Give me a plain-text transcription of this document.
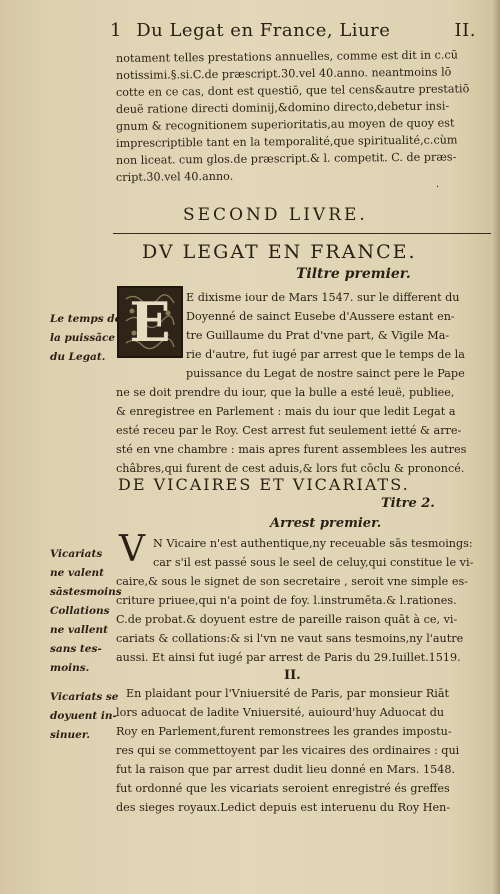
1 Du Legat en France, Liure	II.
notament telles prestations annuelles, comme est dit in c.cū
notissimi.§.si.C.de præscript.30.vel 40.anno. neantmoins lō
cotte en ce cas, dont est questiō, que tel cens&autre prestatiō
deuë ratione directi dominij,&domino directo,debetur insi-
gnum & recognitionem superioritatis,au moyen de quoy est
imprescriptible tant en la temporalité,que spiritualité,c.cùm
non liceat. cum glos.de præscript.& l. competit. C. de præs-
cript.30.vel 40.anno.
·
SECOND LIVRE.
DV LEGAT EN FRANCE.
Tiltre premier.
E	E dixisme iour de Mars 1547. sur le different du
Doyenné de sainct Eusebe d'Aussere estant en-
tre Guillaume du Prat d'vne part, & Vigile Ma-
rie d'autre, fut iugé par arrest que le temps de la
puissance du Legat de nostre sainct pere le Pape
ne se doit prendre du iour, que la bulle a esté leuë, publiee,
& enregistree en Parlement : mais du iour que ledit Legat a
esté receu par le Roy. Cest arrest fut seulement ietté & arre-
sté en vne chambre : mais apres furent assemblees les autres
châbres,qui furent de cest aduis,& lors fut cōclu & prononcé.
Le temps de
la puissãce
du Legat.
DE VICAIRES ET VICARIATS.
Titre 2.
Arrest premier.
V N Vicaire n'est authentique,ny receuable sās tesmoings:
car s'il est passé sous le seel de celuy,qui constitue le vi-
caire,& sous le signet de son secretaire , seroit vne simple es-
criture priuee,qui n'a point de foy. l.instrumēta.& l.rationes.
C.de probat.& doyuent estre de pareille raison quāt à ce, vi-
cariats & collations:& si l'vn ne vaut sans tesmoins,ny l'autre
aussi. Et ainsi fut iugé par arrest de Paris du 29.Iuillet.1519.
Vicariats
ne valent
sāstesmoins
Collations
ne vallent
sans tes-
moins.	II.
En plaidant pour l'Vniuersité de Paris, par monsieur Riāt
lors aduocat de ladite Vniuersité, auiourd'huy Aduocat du
Roy en Parlement,furent remonstrees les grandes impostu-
res qui se commettoyent par les vicaires des ordinaires : qui
fut la raison que par arrest dudit lieu donné en Mars. 1548.
fut ordonné que les vicariats seroient enregistré és greffes
des sieges royaux.Ledict depuis est interuenu du Roy Hen-
Vicariats se
doyuent in-
sinuer.
